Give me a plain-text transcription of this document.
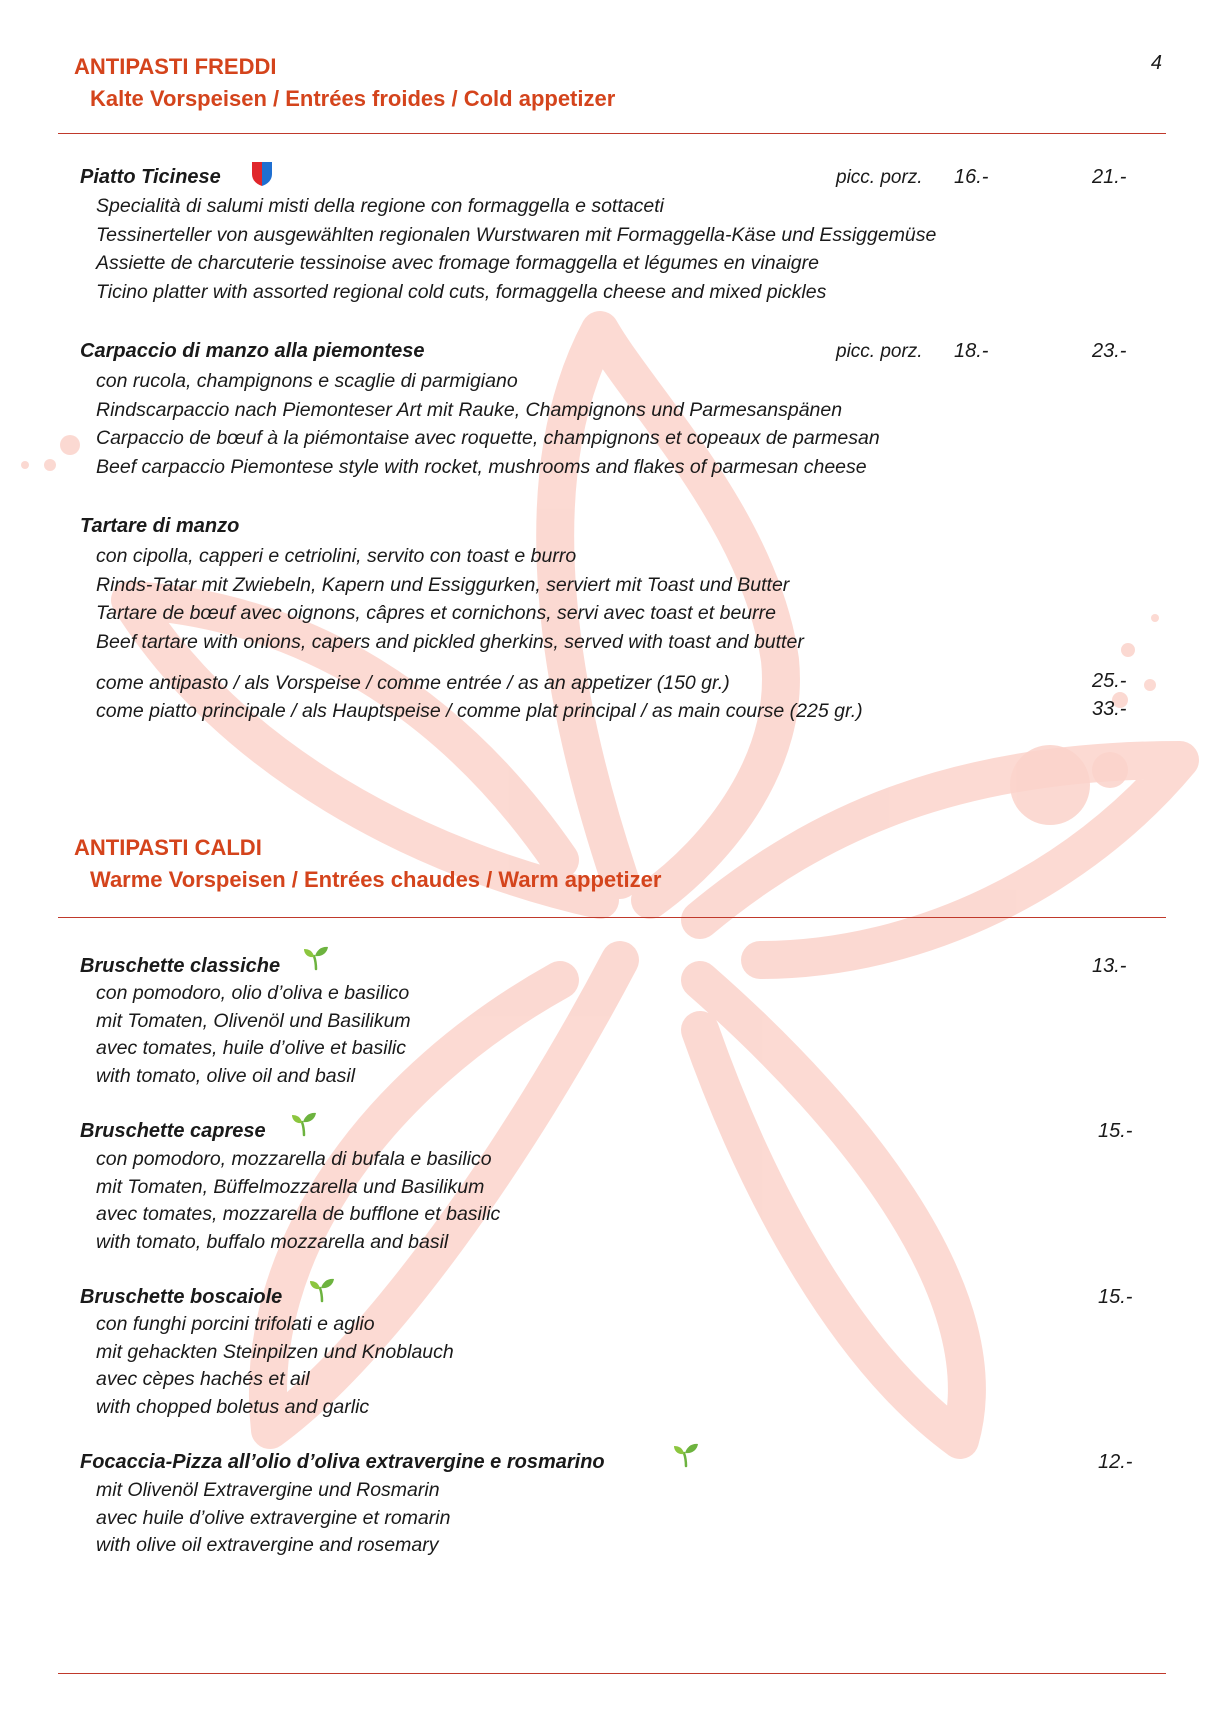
4
ANTIPASTI FREDDI
Kalte Vorspeisen / Entrées froides / Cold appetizer
Piatto Ticinese	picc. porz. 16.-	21.-

Specialità di salumi misti della regione con formaggella e sottaceti
Tessinerteller von ausgewählten regionalen Wurstwaren mit Formaggella-Käse und Essiggemüse
Assiette de charcuterie tessinoise avec fromage formaggella et légumes en vinaigre
Ticino platter with assorted regional cold cuts, formaggella cheese and mixed pickles

Carpaccio di manzo alla piemontese	picc. porz. 18.-	23.-

con rucola, champignons e scaglie di parmigiano
Rindscarpaccio nach Piemonteser Art mit Rauke, Champignons und Parmesanspänen
Carpaccio de bœuf à la piémontaise avec roquette, champignons et copeaux de parmesan
Beef carpaccio Piemontese style with rocket, mushrooms and flakes of parmesan cheese

Tartare di manzo

con cipolla, capperi e cetriolini, servito con toast e burro
Rinds-Tatar mit Zwiebeln, Kapern und Essiggurken, serviert mit Toast und Butter
Tartare de bœuf avec oignons, câpres et cornichons, servi avec toast et beurre
Beef tartare with onions, capers and pickled gherkins, served with toast and butter

come antipasto / als Vorspeise / comme entrée / as an appetizer (150 gr.)	25.-
come piatto principale / als Hauptspeise / comme plat principal / as main course (225 gr.)	33.-
ANTIPASTI CALDI
Warme Vorspeisen / Entrées chaudes / Warm appetizer
Bruschette classiche	13.-

con pomodoro, olio d’oliva e basilico
mit Tomaten, Olivenöl und Basilikum
avec tomates, huile d’olive et basilic
with tomato, olive oil and basil

Bruschette caprese	15.-

con pomodoro, mozzarella di bufala e basilico
mit Tomaten, Büffelmozzarella und Basilikum
avec tomates, mozzarella de bufflone et basilic
with tomato, buffalo mozzarella and basil

Bruschette boscaiole	15.-

con funghi porcini trifolati e aglio
mit gehackten Steinpilzen und Knoblauch
avec cèpes hachés et ail
with chopped boletus and garlic

Focaccia-Pizza all’olio d’oliva extravergine e rosmarino	12.-

mit Olivenöl Extravergine und Rosmarin
avec huile d’olive extravergine et romarin
with olive oil extravergine and rosemary
